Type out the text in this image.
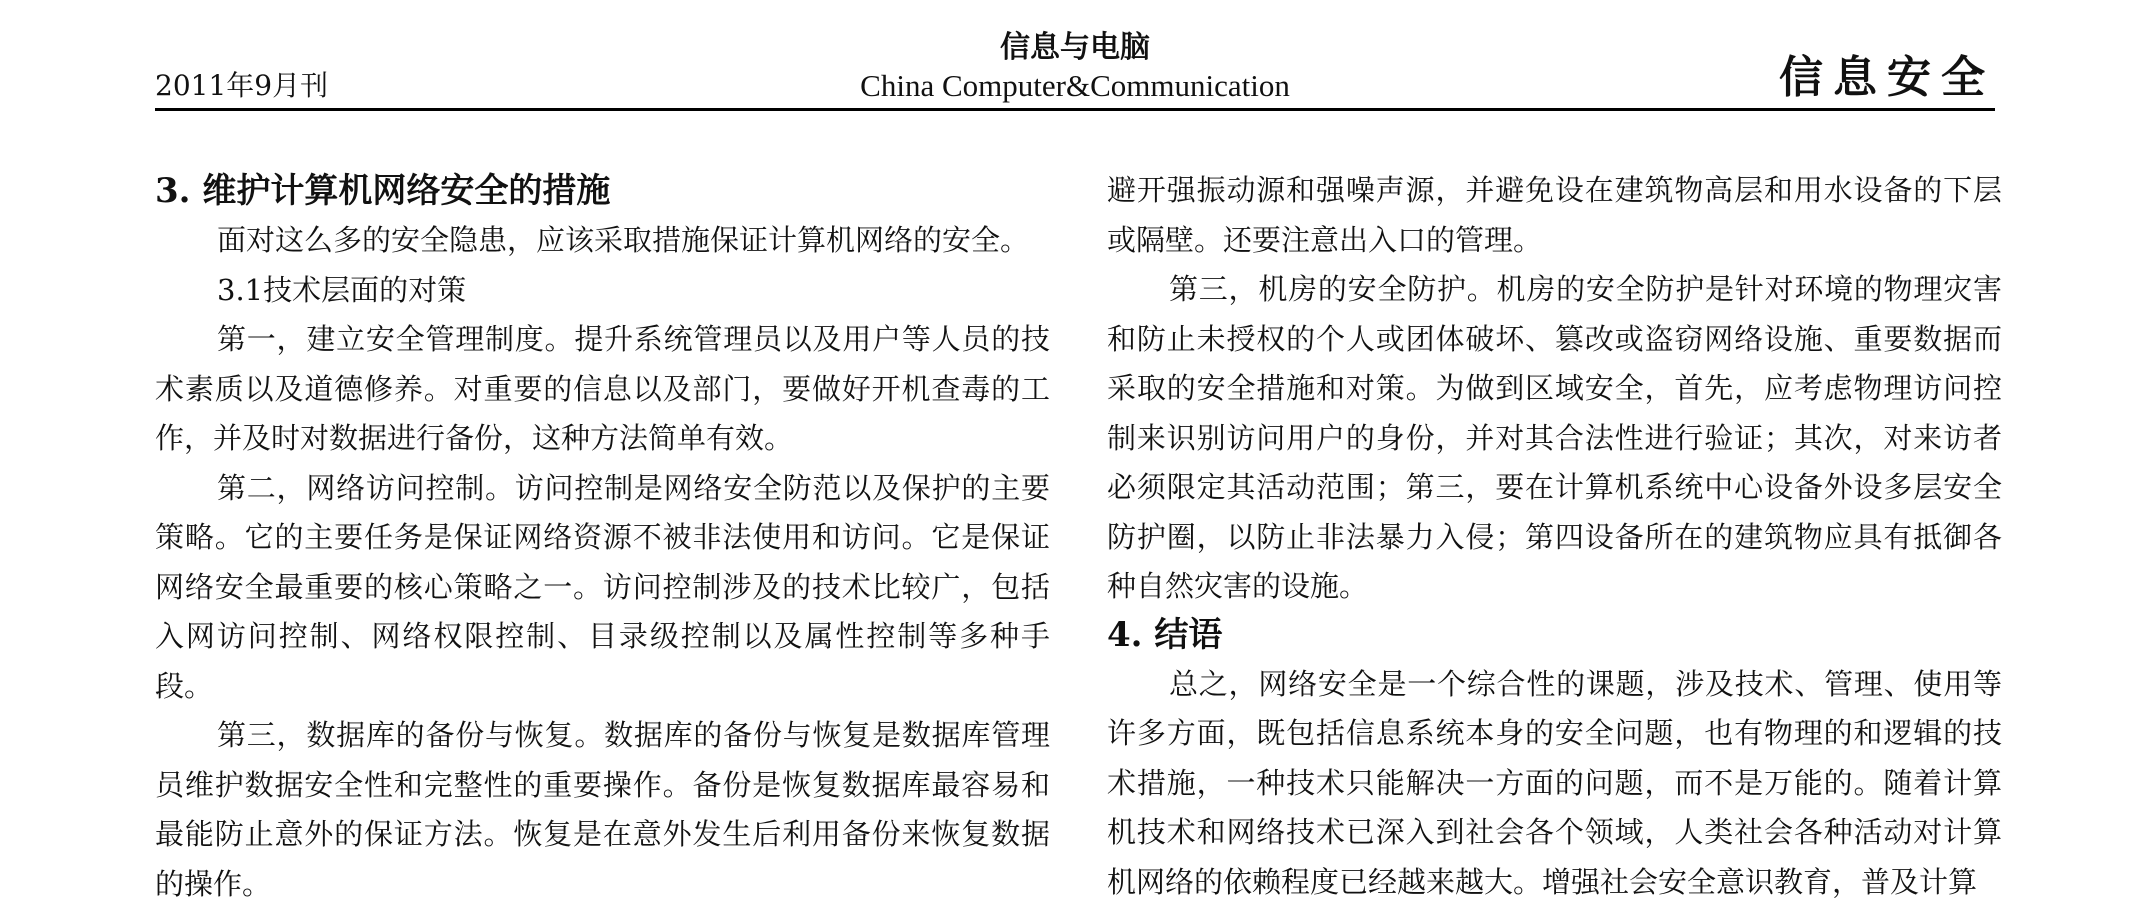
2011年9月刊
信息与电脑
China Computer&Communication	信息安全
3. 维护计算机网络安全的措施

面对这么多的安全隐患，应该采取措施保证计算机网络的安全。

3.1技术层面的对策

第一，建立安全管理制度。提升系统管理员以及用户等人员的技术素质以及道德修养。对重要的信息以及部门，要做好开机查毒的工作，并及时对数据进行备份，这种方法简单有效。

第二，网络访问控制。访问控制是网络安全防范以及保护的主要策略。它的主要任务是保证网络资源不被非法使用和访问。它是保证网络安全最重要的核心策略之一。访问控制涉及的技术比较广，包括入网访问控制、网络权限控制、目录级控制以及属性控制等多种手段。

第三，数据库的备份与恢复。数据库的备份与恢复是数据库管理员维护数据安全性和完整性的重要操作。备份是恢复数据库最容易和最能防止意外的保证方法。恢复是在意外发生后利用备份来恢复数据的操作。

避开强振动源和强噪声源，并避免设在建筑物高层和用水设备的下层或隔壁。还要注意出入口的管理。

第三，机房的安全防护。机房的安全防护是针对环境的物理灾害和防止未授权的个人或团体破坏、篡改或盗窃网络设施、重要数据而采取的安全措施和对策。为做到区域安全，首先，应考虑物理访问控制来识别访问用户的身份，并对其合法性进行验证；其次，对来访者必须限定其活动范围；第三，要在计算机系统中心设备外设多层安全防护圈，以防止非法暴力入侵；第四设备所在的建筑物应具有抵御各种自然灾害的设施。

4. 结语

总之，网络安全是一个综合性的课题，涉及技术、管理、使用等许多方面，既包括信息系统本身的安全问题，也有物理的和逻辑的技术措施，一种技术只能解决一方面的问题，而不是万能的。随着计算机技术和网络技术已深入到社会各个领域，人类社会各种活动对计算机网络的依赖程度已经越来越大。增强社会安全意识教育，普及计算
